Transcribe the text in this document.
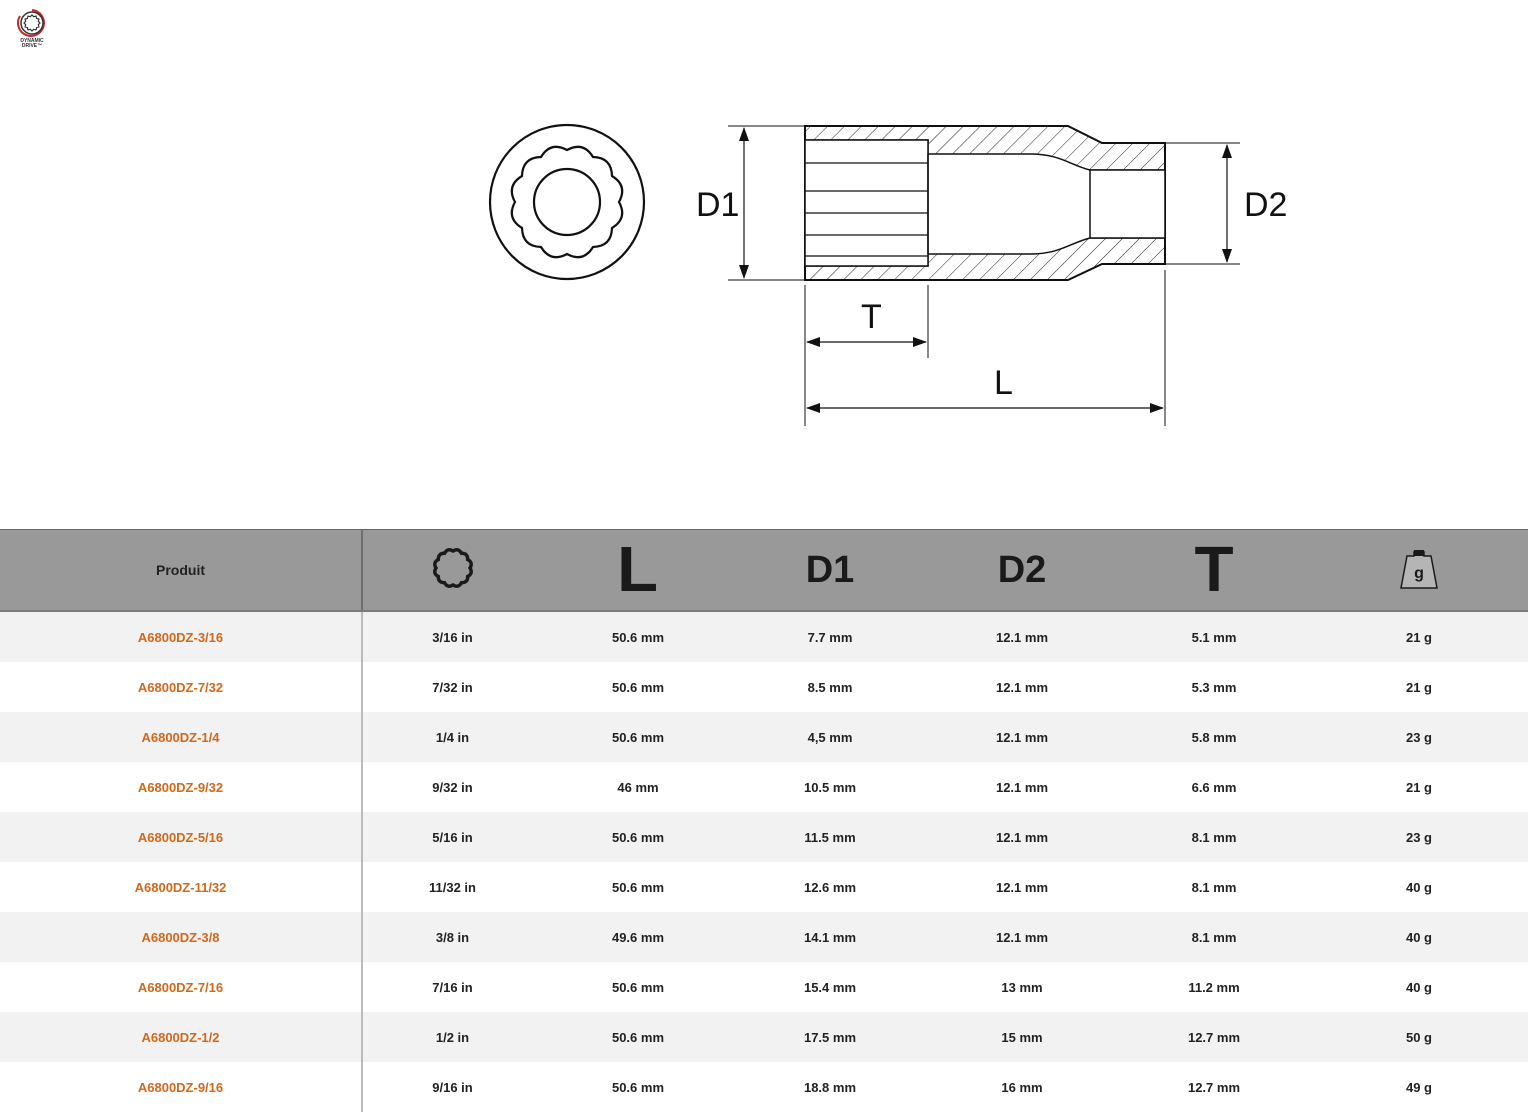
DYNAMIC
DRIVE™
D1	D2
T
L
Produit		L	D1	D2	T	g

A6800DZ-3/16	3/16 in	50.6 mm	7.7 mm	12.1 mm	5.1 mm	21 g
A6800DZ-7/32	7/32 in	50.6 mm	8.5 mm	12.1 mm	5.3 mm	21 g
A6800DZ-1/4	1/4 in	50.6 mm	4,5 mm	12.1 mm	5.8 mm	23 g
A6800DZ-9/32	9/32 in	46 mm	10.5 mm	12.1 mm	6.6 mm	21 g
A6800DZ-5/16	5/16 in	50.6 mm	11.5 mm	12.1 mm	8.1 mm	23 g
A6800DZ-11/32	11/32 in	50.6 mm	12.6 mm	12.1 mm	8.1 mm	40 g
A6800DZ-3/8	3/8 in	49.6 mm	14.1 mm	12.1 mm	8.1 mm	40 g
A6800DZ-7/16	7/16 in	50.6 mm	15.4 mm	13 mm	11.2 mm	40 g
A6800DZ-1/2	1/2 in	50.6 mm	17.5 mm	15 mm	12.7 mm	50 g
A6800DZ-9/16	9/16 in	50.6 mm	18.8 mm	16 mm	12.7 mm	49 g
